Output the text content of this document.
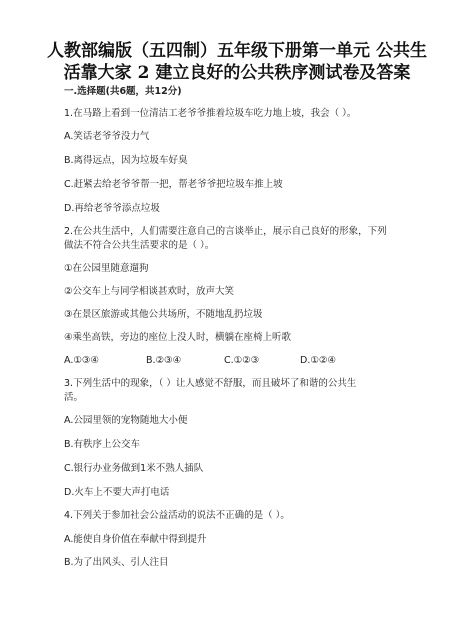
人教部编版（五四制）五年级下册第一单元 公共生
活靠大家 2 建立良好的公共秩序测试卷及答案
一.选择题(共6题，共12分)
1.在马路上看到一位清洁工老爷爷推着垃圾车吃力地上坡，我会（ ）。
A.笑话老爷爷没力气
B.离得远点，因为垃圾车好臭
C.赶紧去给老爷爷帮一把，帮老爷爷把垃圾车推上坡
D.再给老爷爷添点垃圾
2.在公共生活中，人们需要注意自己的言谈举止，展示自己良好的形象，下列
做法不符合公共生活要求的是（ ）。
①在公园里随意遛狗
②公交车上与同学相谈甚欢时，放声大笑
③在景区旅游或其他公共场所，不随地乱扔垃圾
④乘坐高铁，旁边的座位上没人时，横躺在座椅上听歌
A.①③④	B.②③④	C.①②③	D.①②④
3.下列生活中的现象，（ ）让人感觉不舒服，而且破坏了和谐的公共生
活。
A.公园里领的宠物随地大小便
B.有秩序上公交车
C.银行办业务做到1米不熟人插队
D.火车上不要大声打电话
4.下列关于参加社会公益活动的说法不正确的是（ ）。
A.能使自身价值在奉献中得到提升
B.为了出风头、引人注目
